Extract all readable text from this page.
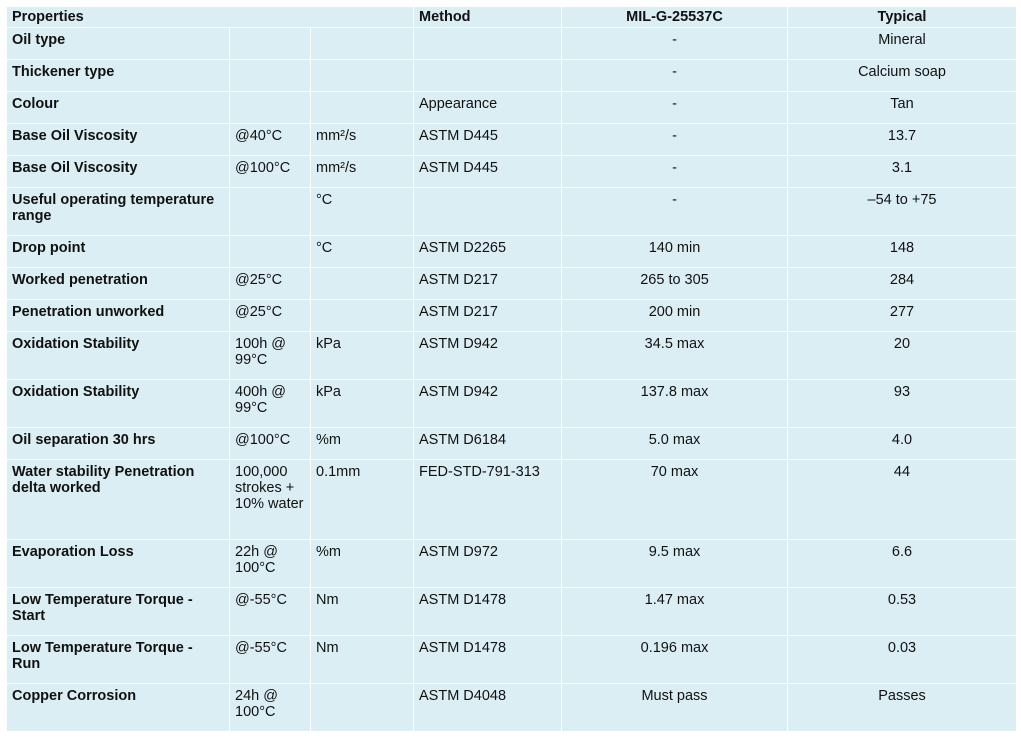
Properties			Method	MIL-G-25537C	Typical
Oil type				-	Mineral
Thickener type				-	Calcium soap
Colour			Appearance	-	Tan
Base Oil Viscosity	@40°C	mm²/s	ASTM D445	-	13.7
Base Oil Viscosity	@100°C	mm²/s	ASTM D445	-	3.1
Useful operating temperature range		°C		-	–54 to +75
Drop point		°C	ASTM D2265	140 min	148
Worked penetration	@25°C		ASTM D217	265 to 305	284
Penetration unworked	@25°C		ASTM D217	200 min	277
Oxidation Stability	100h @ 99°C	kPa	ASTM D942	34.5 max	20
Oxidation Stability	400h @ 99°C	kPa	ASTM D942	137.8 max	93
Oil separation 30 hrs	@100°C	%m	ASTM D6184	5.0 max	4.0
Water stability Penetration delta worked	100,000 strokes + 10% water	0.1mm	FED-STD-791-313	70 max	44
Evaporation Loss	22h @ 100°C	%m	ASTM D972	9.5 max	6.6
Low Temperature Torque - Start	@-55°C	Nm	ASTM D1478	1.47 max	0.53
Low Temperature Torque - Run	@-55°C	Nm	ASTM D1478	0.196 max	0.03
Copper Corrosion	24h @ 100°C		ASTM D4048	Must pass	Passes
